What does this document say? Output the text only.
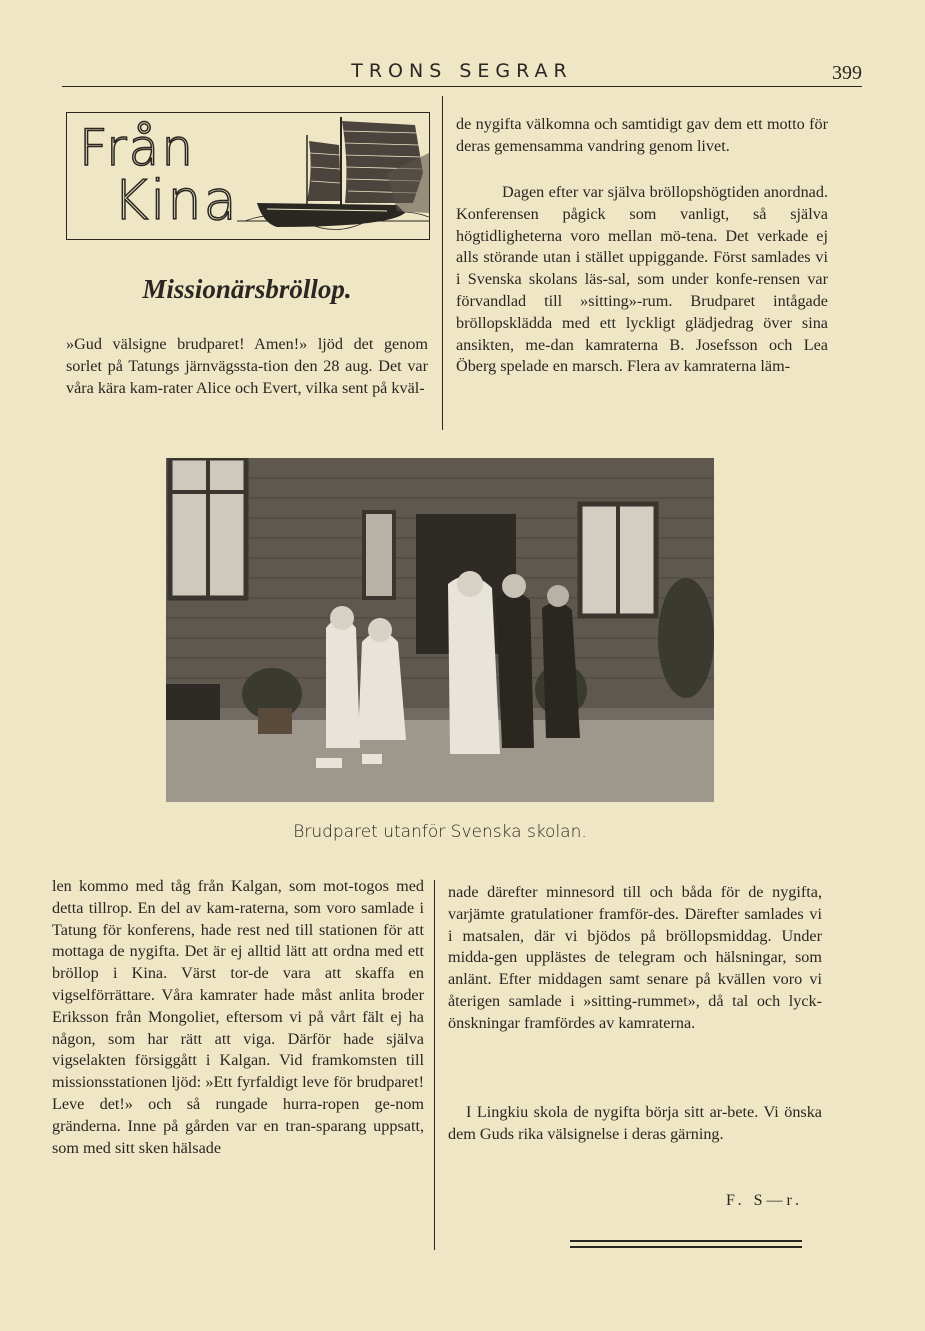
TRONS SEGRAR	399
Från
Kina
Missionärsbröllop.

»Gud välsigne brudparet! Amen!» ljöd det genom sorlet på Tatungs järnvägssta-tion den 28 aug. Det var våra kära kam-rater Alice och Evert, vilka sent på kväl-

de nygifta välkomna och samtidigt gav dem ett motto för deras gemensamma vandring genom livet.

Dagen efter var själva bröllopshögtiden anordnad. Konferensen pågick som vanligt, så själva högtidligheterna voro mellan mö-tena. Det verkade ej alls störande utan i stället uppiggande. Först samlades vi i Svenska skolans läs-sal, som under konfe-rensen var förvandlad till »sitting»-rum. Brudparet intågade bröllopsklädda med ett lyckligt glädjedrag över sina ansikten, me-dan kamraterna B. Josefsson och Lea Öberg spelade en marsch. Flera av kamraterna läm-

Brudparet utanför Svenska skolan.

len kommo med tåg från Kalgan, som mot-togos med detta tillrop. En del av kam-raterna, som voro samlade i Tatung för konferens, hade rest ned till stationen för att mottaga de nygifta. Det är ej alltid lätt att ordna med ett bröllop i Kina. Värst tor-de vara att skaffa en vigselförrättare. Våra kamrater hade måst anlita broder Eriksson från Mongoliet, eftersom vi på vårt fält ej ha någon, som har rätt att viga. Därför hade själva vigselakten försiggått i Kalgan. Vid framkomsten till missionsstationen ljöd: »Ett fyrfaldigt leve för brudparet! Leve det!» och så rungade hurra-ropen ge-nom gränderna. Inne på gården var en tran-sparang uppsatt, som med sitt sken hälsade

nade därefter minnesord till och båda för de nygifta, varjämte gratulationer framför-des. Därefter samlades vi i matsalen, där vi bjödos på bröllopsmiddag. Under midda-gen upplästes de telegram och hälsningar, som anlänt. Efter middagen samt senare på kvällen voro vi återigen samlade i »sitting-rummet», då tal och lyck-önskningar framfördes av kamraterna.

I Lingkiu skola de nygifta börja sitt ar-bete. Vi önska dem Guds rika välsignelse i deras gärning.

F. S—r.
